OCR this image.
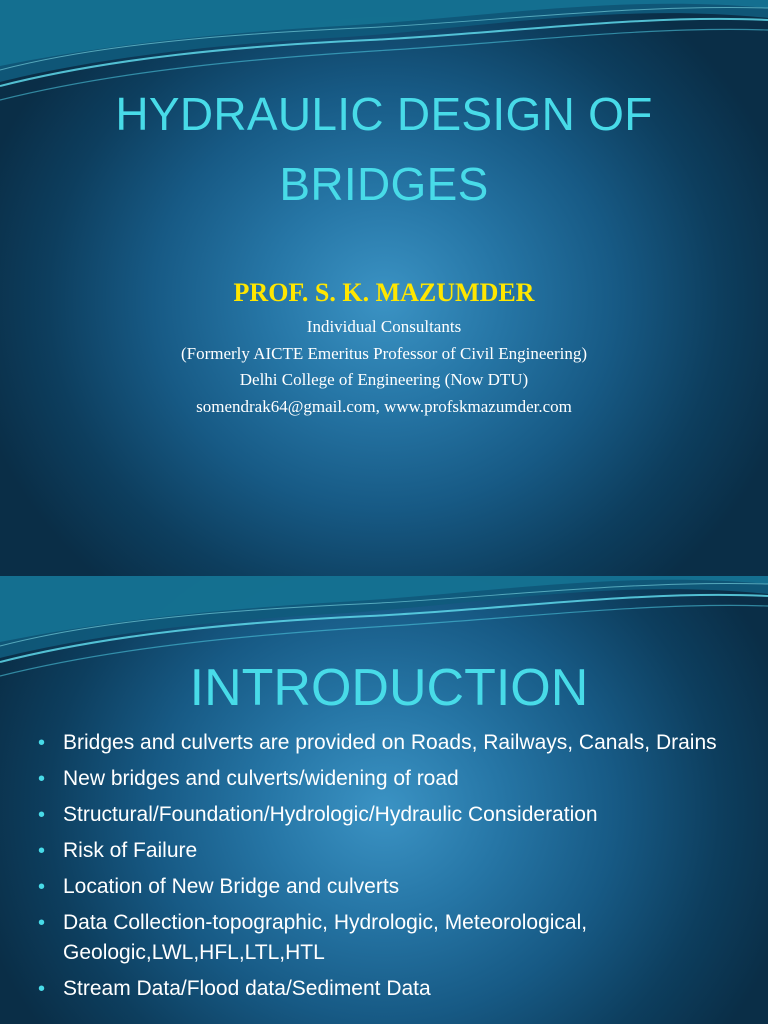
HYDRAULIC DESIGN OF
BRIDGES
PROF. S. K. MAZUMDER
Individual Consultants
(Formerly AICTE Emeritus Professor of Civil Engineering)
Delhi College of Engineering (Now DTU)
somendrak64@gmail.com, www.profskmazumder.com
INTRODUCTION
• Bridges and culverts are provided on Roads, Railways, Canals, Drains
• New bridges and culverts/widening of road
• Structural/Foundation/Hydrologic/Hydraulic Consideration
• Risk of Failure
• Location of New Bridge and culverts
• Data Collection-topographic, Hydrologic, Meteorological, Geologic,LWL,HFL,LTL,HTL
• Stream Data/Flood data/Sediment Data
